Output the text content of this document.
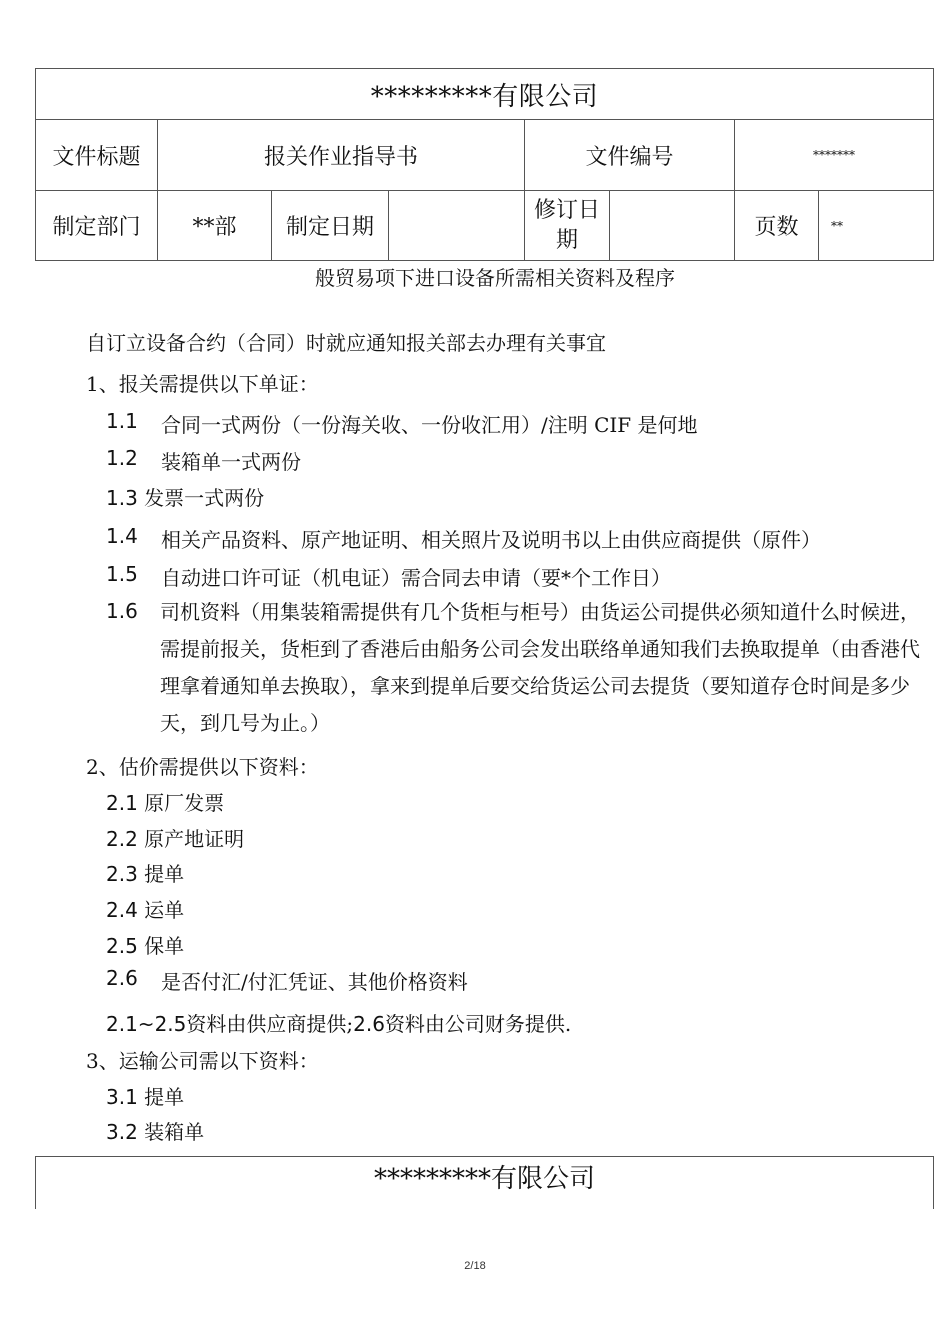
*********有限公司							
文件标题	报关作业指导书			文件编号		*******	
制定部门	**部	制定日期		修订日期		页数	**
般贸易项下进口设备所需相关资料及程序
自订立设备合约（合同）时就应通知报关部去办理有关事宜
1、报关需提供以下单证：
1.1 合同一式两份（一份海关收、一份收汇用）/注明 CIF 是何地
1.2 装箱单一式两份
1.3 发票一式两份
1.4 相关产品资料、原产地证明、相关照片及说明书以上由供应商提供（原件）
1.5 自动进口许可证（机电证）需合同去申请（要*个工作日）
1.6 司机资料（用集装箱需提供有几个货柜与柜号）由货运公司提供必须知道什么时候进，需提前报关，货柜到了香港后由船务公司会发出联络单通知我们去换取提单（由香港代理拿着通知单去换取），拿来到提单后要交给货运公司去提货（要知道存仓时间是多少天，到几号为止。）
2、估价需提供以下资料：
2.1 原厂发票
2.2 原产地证明
2.3 提单
2.4 运单
2.5 保单
2.6 是否付汇/付汇凭证、其他价格资料
2.1~2.5资料由供应商提供;2.6资料由公司财务提供.
3、运输公司需以下资料：
3.1 提单
3.2 装箱单
*********有限公司
2/18
